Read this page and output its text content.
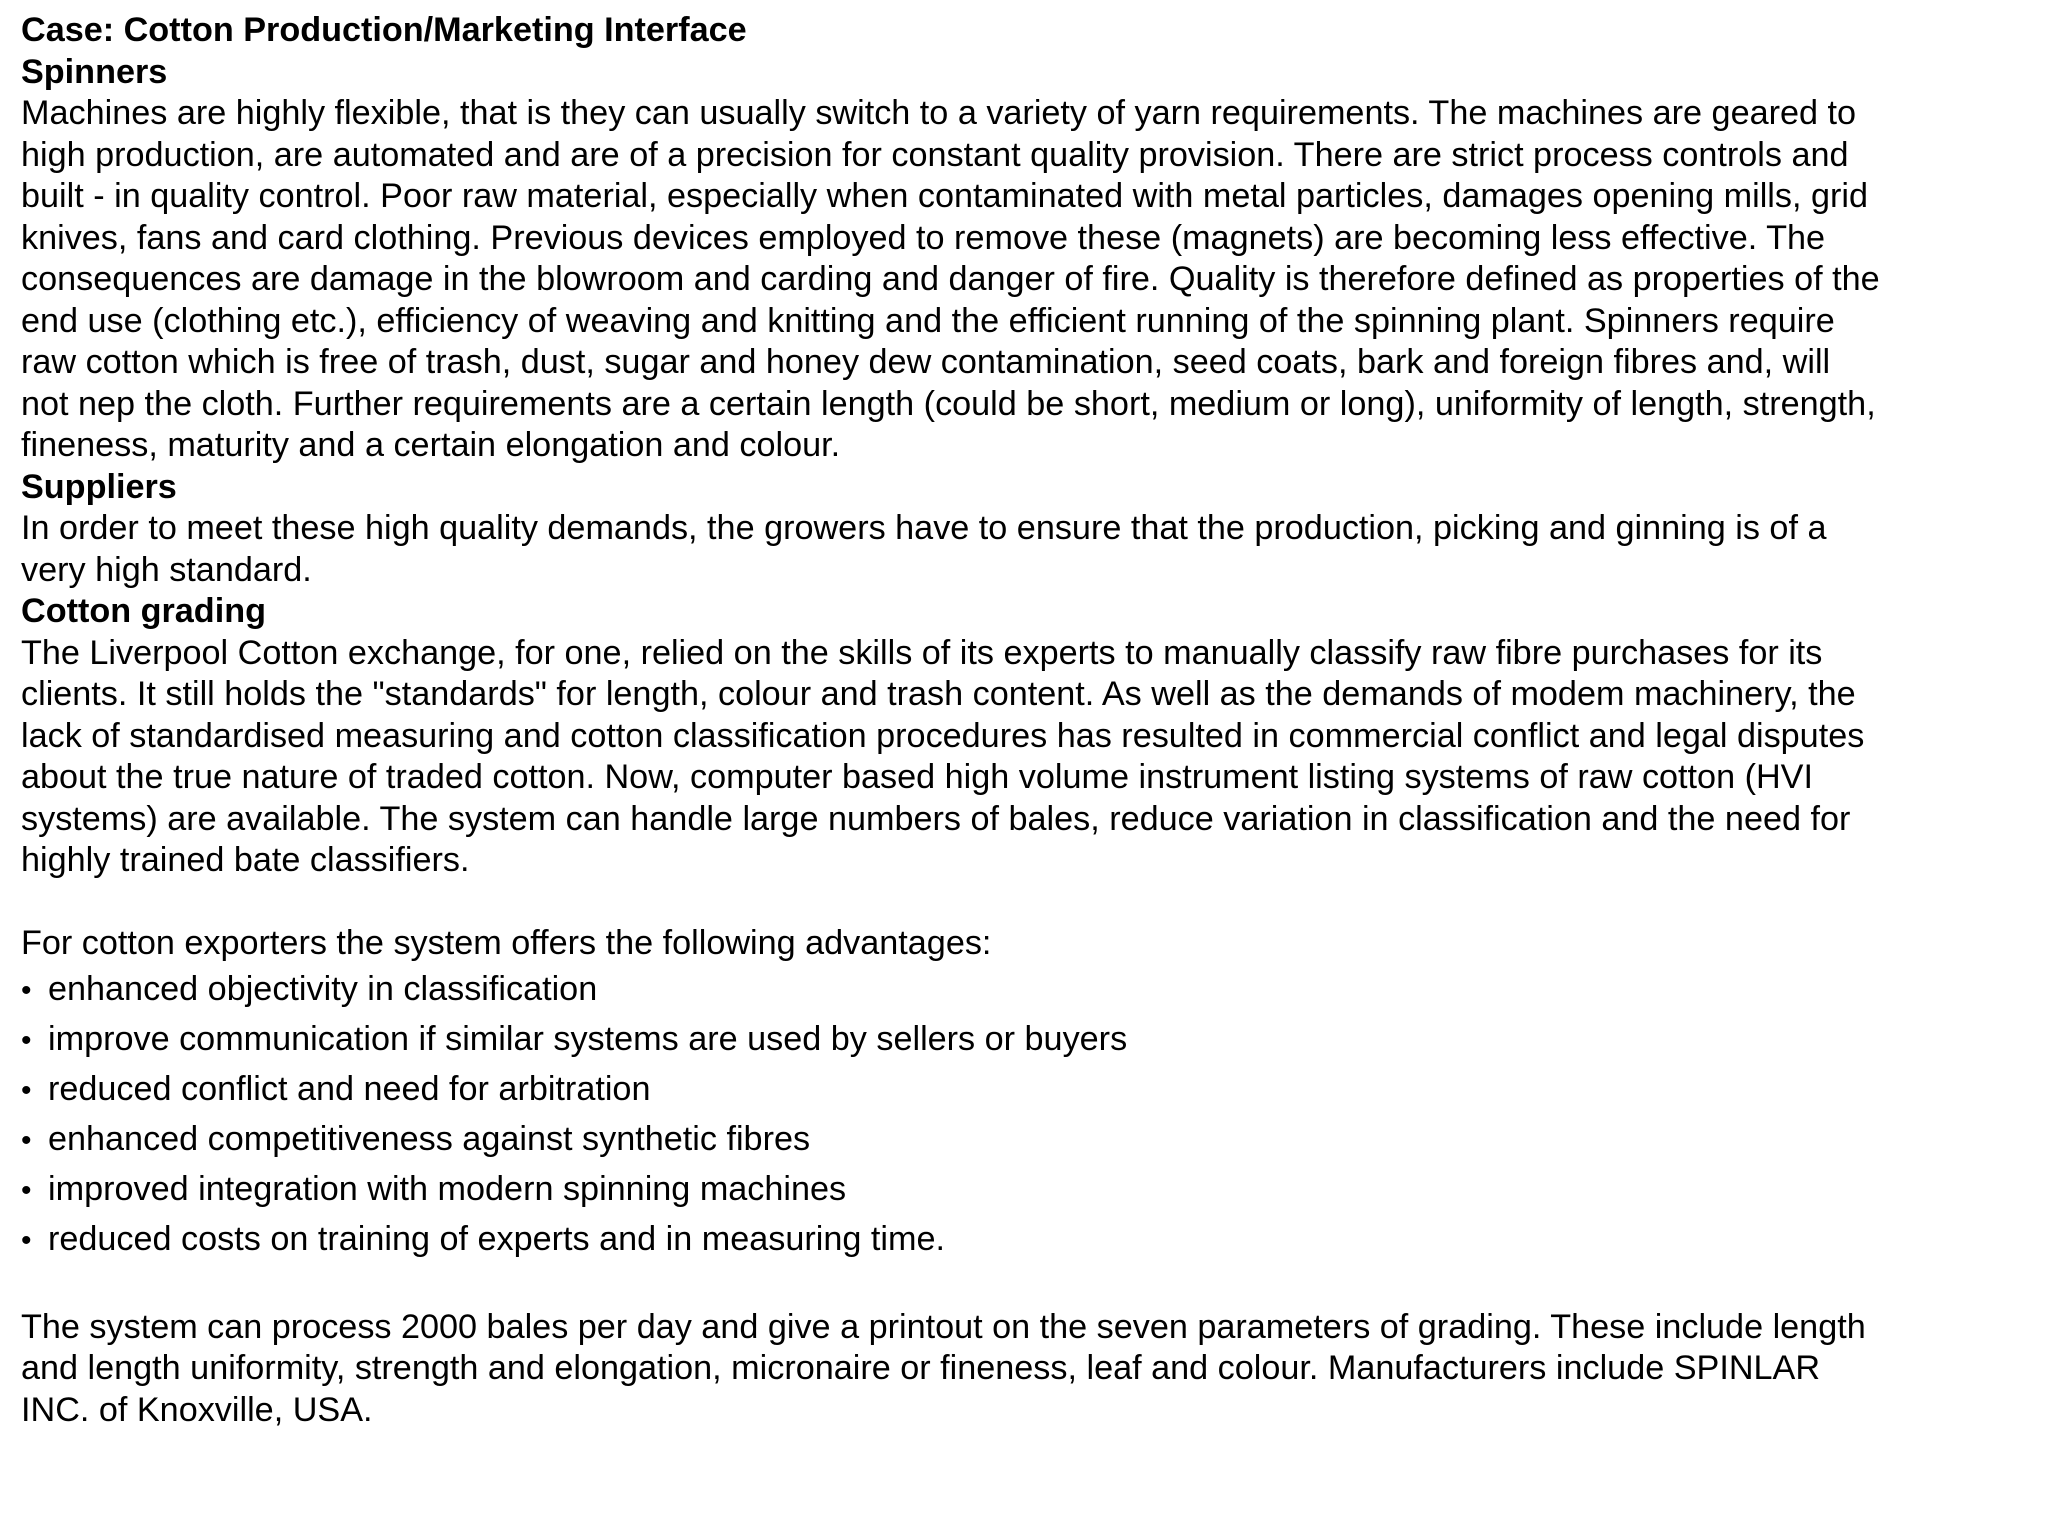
Case: Cotton Production/Marketing Interface
Spinners
Machines are highly flexible, that is they can usually switch to a variety of yarn requirements. The machines are geared to
high production, are automated and are of a precision for constant quality provision. There are strict process controls and
built - in quality control. Poor raw material, especially when contaminated with metal particles, damages opening mills, grid
knives, fans and card clothing. Previous devices employed to remove these (magnets) are becoming less effective. The
consequences are damage in the blowroom and carding and danger of fire. Quality is therefore defined as properties of the
end use (clothing etc.), efficiency of weaving and knitting and the efficient running of the spinning plant. Spinners require
raw cotton which is free of trash, dust, sugar and honey dew contamination, seed coats, bark and foreign fibres and, will
not nep the cloth. Further requirements are a certain length (could be short, medium or long), uniformity of length, strength,
fineness, maturity and a certain elongation and colour.
Suppliers
In order to meet these high quality demands, the growers have to ensure that the production, picking and ginning is of a
very high standard.
Cotton grading
The Liverpool Cotton exchange, for one, relied on the skills of its experts to manually classify raw fibre purchases for its
clients. It still holds the "standards" for length, colour and trash content. As well as the demands of modem machinery, the
lack of standardised measuring and cotton classification procedures has resulted in commercial conflict and legal disputes
about the true nature of traded cotton. Now, computer based high volume instrument listing systems of raw cotton (HVI
systems) are available. The system can handle large numbers of bales, reduce variation in classification and the need for
highly trained bate classifiers.
For cotton exporters the system offers the following advantages:
• enhanced objectivity in classification
• improve communication if similar systems are used by sellers or buyers
• reduced conflict and need for arbitration
• enhanced competitiveness against synthetic fibres
• improved integration with modern spinning machines
• reduced costs on training of experts and in measuring time.
The system can process 2000 bales per day and give a printout on the seven parameters of grading. These include length
and length uniformity, strength and elongation, micronaire or fineness, leaf and colour. Manufacturers include SPINLAR
INC. of Knoxville, USA.
